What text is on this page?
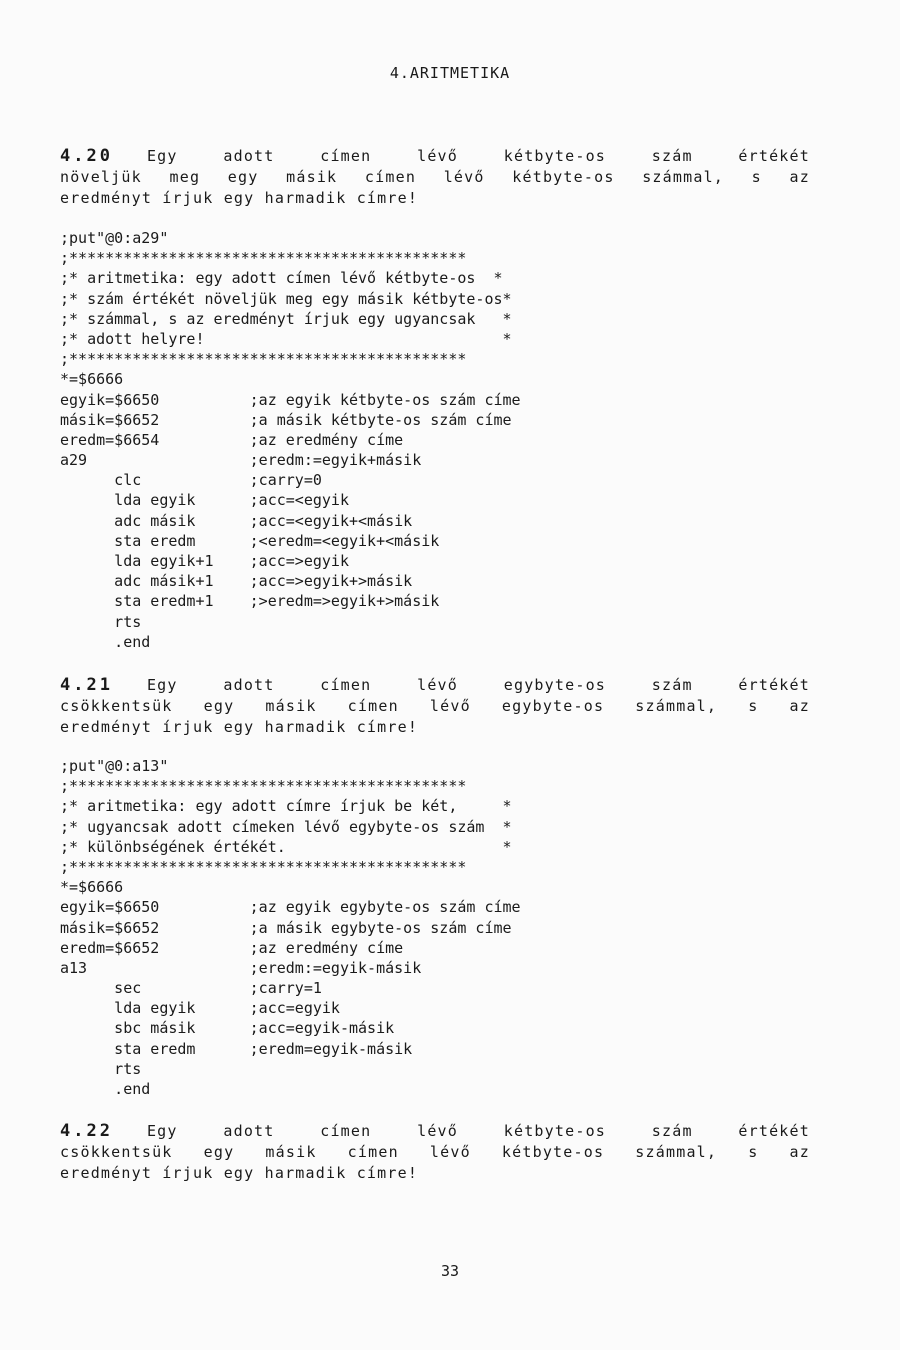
4.ARITMETIKA
4.20 Egy adott címen lévő kétbyte-os szám értékét
növeljük meg egy másik címen lévő kétbyte-os számmal, s az
eredményt írjuk egy harmadik címre!
;put"@0:a29"
;********************************************
;* aritmetika: egy adott címen lévő kétbyte-os  *
;* szám értékét növeljük meg egy másik kétbyte-os*
;* számmal, s az eredményt írjuk egy ugyancsak   *
;* adott helyre!                                 *
;********************************************
*=$6666
egyik=$6650          ;az egyik kétbyte-os szám címe
másik=$6652          ;a másik kétbyte-os szám címe
eredm=$6654          ;az eredmény címe
a29                  ;eredm:=egyik+másik
clc            ;carry=0
lda egyik      ;acc=<egyik
adc másik      ;acc=<egyik+<másik
sta eredm      ;<eredm=<egyik+<másik
lda egyik+1    ;acc=>egyik
adc másik+1    ;acc=>egyik+>másik
sta eredm+1    ;>eredm=>egyik+>másik
rts
.end
4.21 Egy adott címen lévő egybyte-os szám értékét
csökkentsük egy másik címen lévő egybyte-os számmal, s az
eredményt írjuk egy harmadik címre!
;put"@0:a13"
;********************************************
;* aritmetika: egy adott címre írjuk be két,     *
;* ugyancsak adott címeken lévő egybyte-os szám  *
;* különbségének értékét.                        *
;********************************************
*=$6666
egyik=$6650          ;az egyik egybyte-os szám címe
másik=$6652          ;a másik egybyte-os szám címe
eredm=$6652          ;az eredmény címe
a13                  ;eredm:=egyik-másik
sec            ;carry=1
lda egyik      ;acc=egyik
sbc másik      ;acc=egyik-másik
sta eredm      ;eredm=egyik-másik
rts
.end
4.22 Egy adott címen lévő kétbyte-os szám értékét
csökkentsük egy másik címen lévő kétbyte-os számmal, s az
eredményt írjuk egy harmadik címre!
33
